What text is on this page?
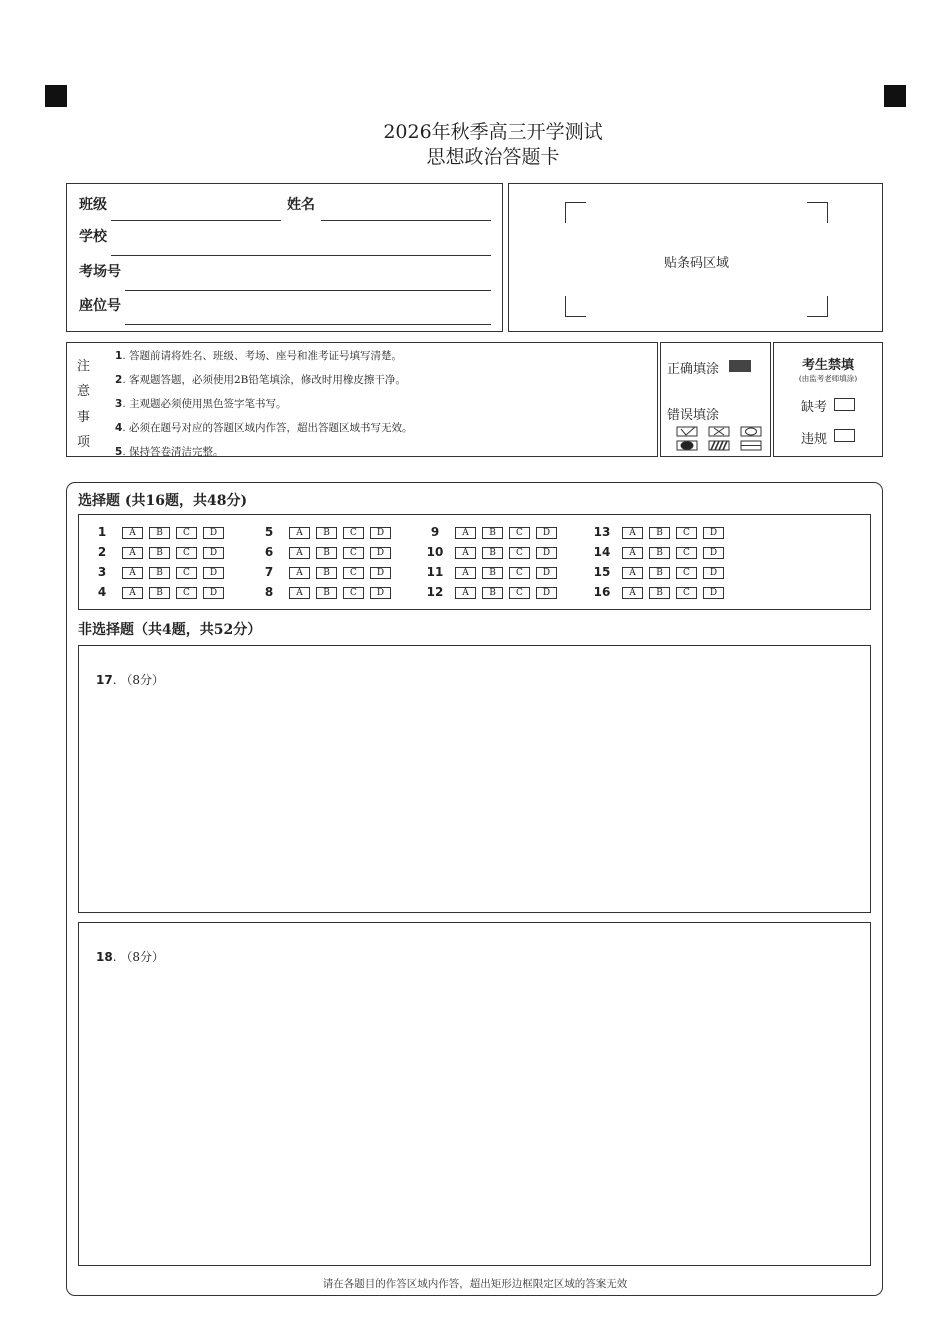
2026年秋季高三开学测试
思想政治答题卡
班级	姓名
学校
考场号
座位号
贴条码区域
注
意
事
项
1. 答题前请将姓名、班级、考场、座号和准考证号填写清楚。
2. 客观题答题，必须使用2B铅笔填涂，修改时用橡皮擦干净。
3. 主观题必须使用黑色签字笔书写。
4. 必须在题号对应的答题区域内作答，超出答题区域书写无效。
5. 保持答卷清洁完整。
正确填涂
错误填涂
考生禁填
(由监考老师填涂)
缺考
违规
选择题 (共16题，共48分)
1	A	B	C	D
2	A	B	C	D
3	A	B	C	D
4	A	B	C	D
5	A	B	C	D
6	A	B	C	D
7	A	B	C	D
8	A	B	C	D
9	A	B	C	D
10	A	B	C	D
11	A	B	C	D
12	A	B	C	D
13	A	B	C	D
14	A	B	C	D
15	A	B	C	D
16	A	B	C	D
非选择题（共4题，共52分）
17. （8分）
18. （8分）
请在各题目的作答区域内作答，超出矩形边框限定区域的答案无效
